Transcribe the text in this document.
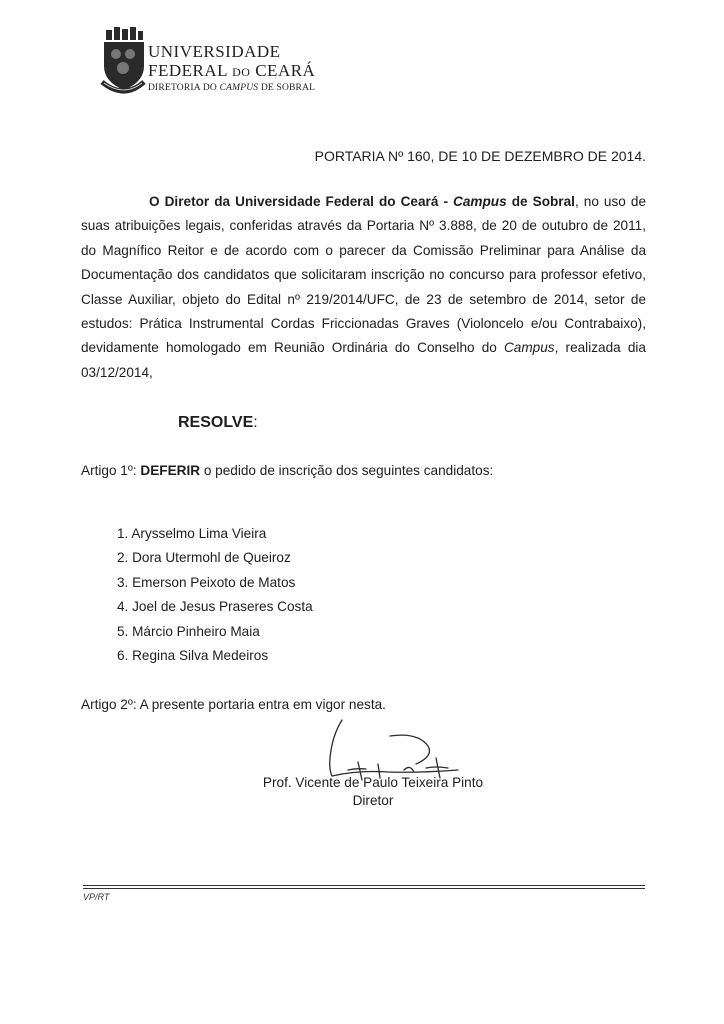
UNIVERSIDADE
FEDERAL DO CEARÁ
DIRETORIA DO CAMPUS DE SOBRAL
PORTARIA Nº 160, DE 10 DE DEZEMBRO DE 2014.
O Diretor da Universidade Federal do Ceará - Campus de Sobral, no uso de suas atribuições legais, conferidas através da Portaria Nº 3.888, de 20 de outubro de 2011, do Magnífico Reitor e de acordo com o parecer da Comissão Preliminar para Análise da Documentação dos candidatos que solicitaram inscrição no concurso para professor efetivo, Classe Auxiliar, objeto do Edital nº 219/2014/UFC, de 23 de setembro de 2014, setor de estudos: Prática Instrumental Cordas Friccionadas Graves (Violoncelo e/ou Contrabaixo), devidamente homologado em Reunião Ordinária do Conselho do Campus, realizada dia 03/12/2014,
RESOLVE:
Artigo 1º: DEFERIR o pedido de inscrição dos seguintes candidatos:
1. Arysselmo Lima Vieira
2. Dora Utermohl de Queiroz
3. Emerson Peixoto de Matos
4. Joel de Jesus Praseres Costa
5. Márcio Pinheiro Maia
6. Regina Silva Medeiros
Artigo 2º: A presente portaria entra em vigor nesta.
Prof. Vicente de Paulo Teixeira Pinto
Diretor
VP/RT
